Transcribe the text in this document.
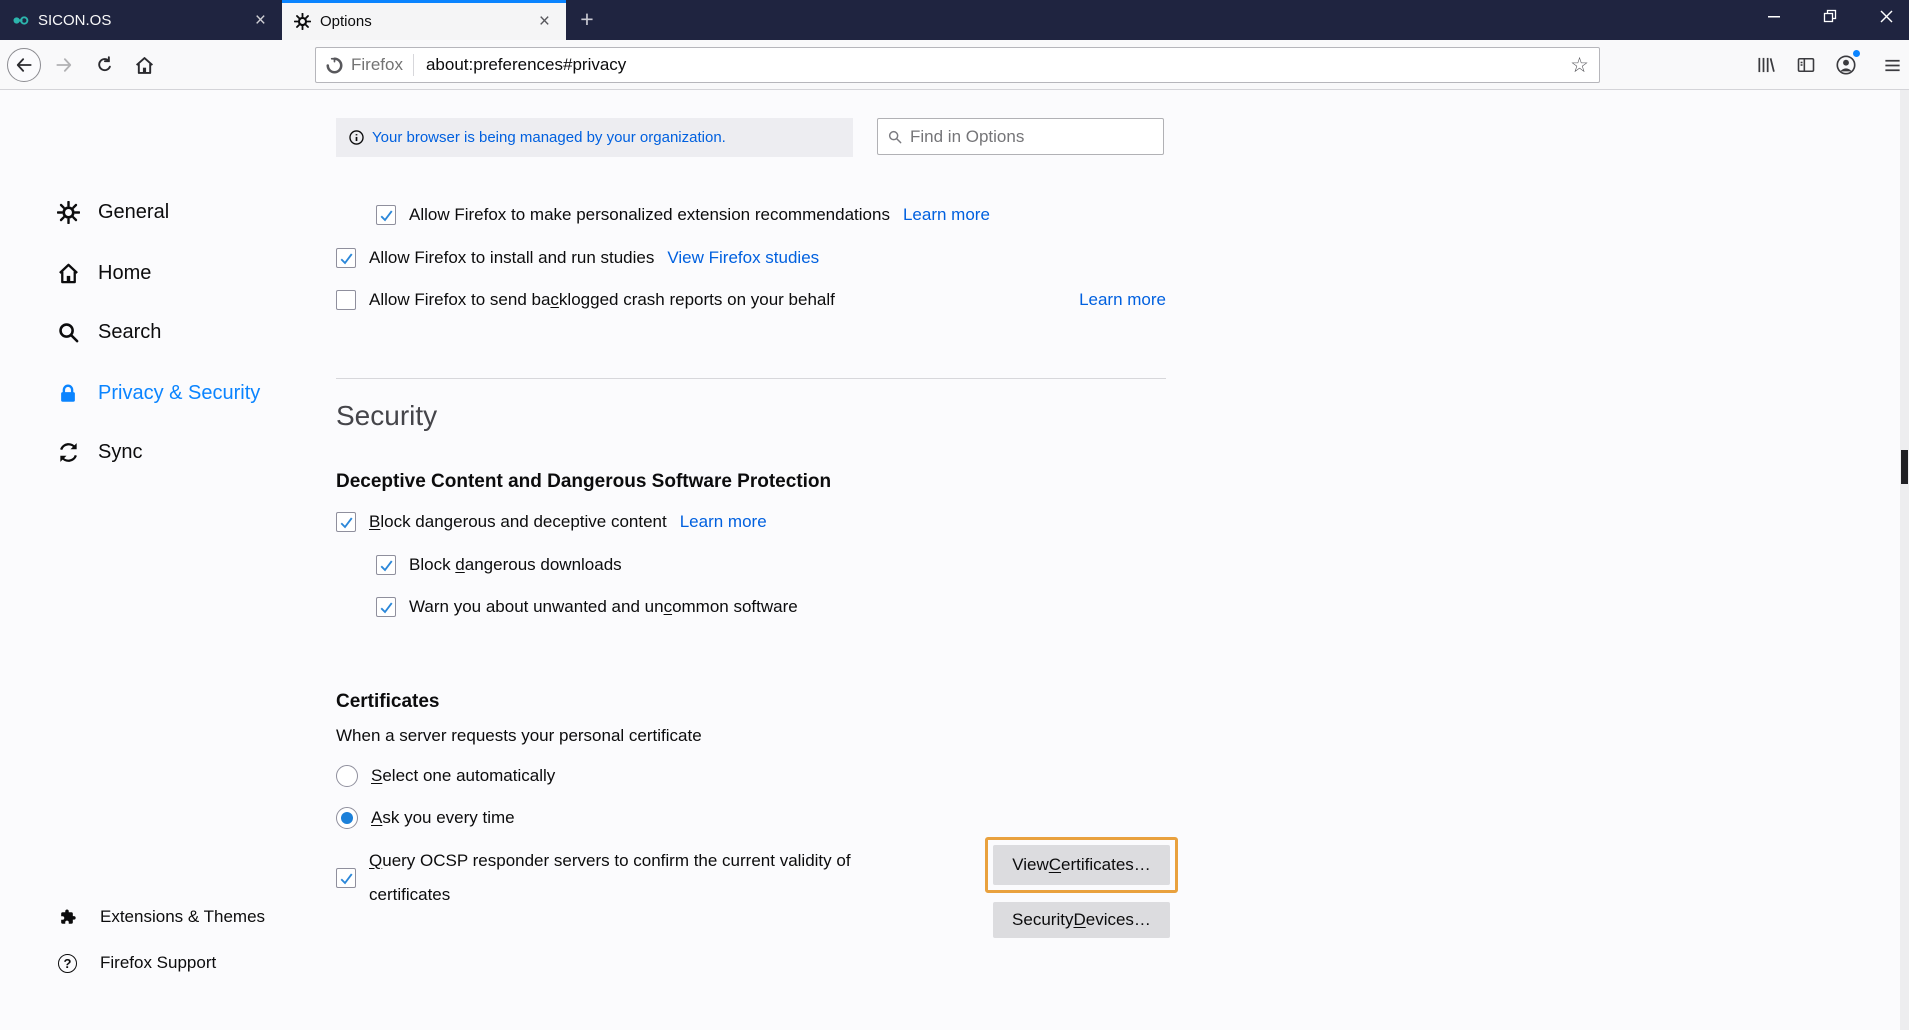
SICON.OS	×	Options	×	+
Firefox about:preferences#privacy	☆
General
Home
Search
Privacy & Security
Sync
Extensions & Themes
?	Firefox Support
Your browser is being managed by your organization.
Find in Options
Allow Firefox to make personalized extension recommendations Learn more
Allow Firefox to install and run studies View Firefox studies
Allow Firefox to send backlogged crash reports on your behalf	Learn more
Security
Deceptive Content and Dangerous Software Protection
Block dangerous and deceptive content Learn more
Block dangerous downloads
Warn you about unwanted and uncommon software
Certificates
When a server requests your personal certificate
Select one automatically
Ask you every time
Query OCSP responder servers to confirm the current validity of certificates
View C ertificates…
Security D evices…
